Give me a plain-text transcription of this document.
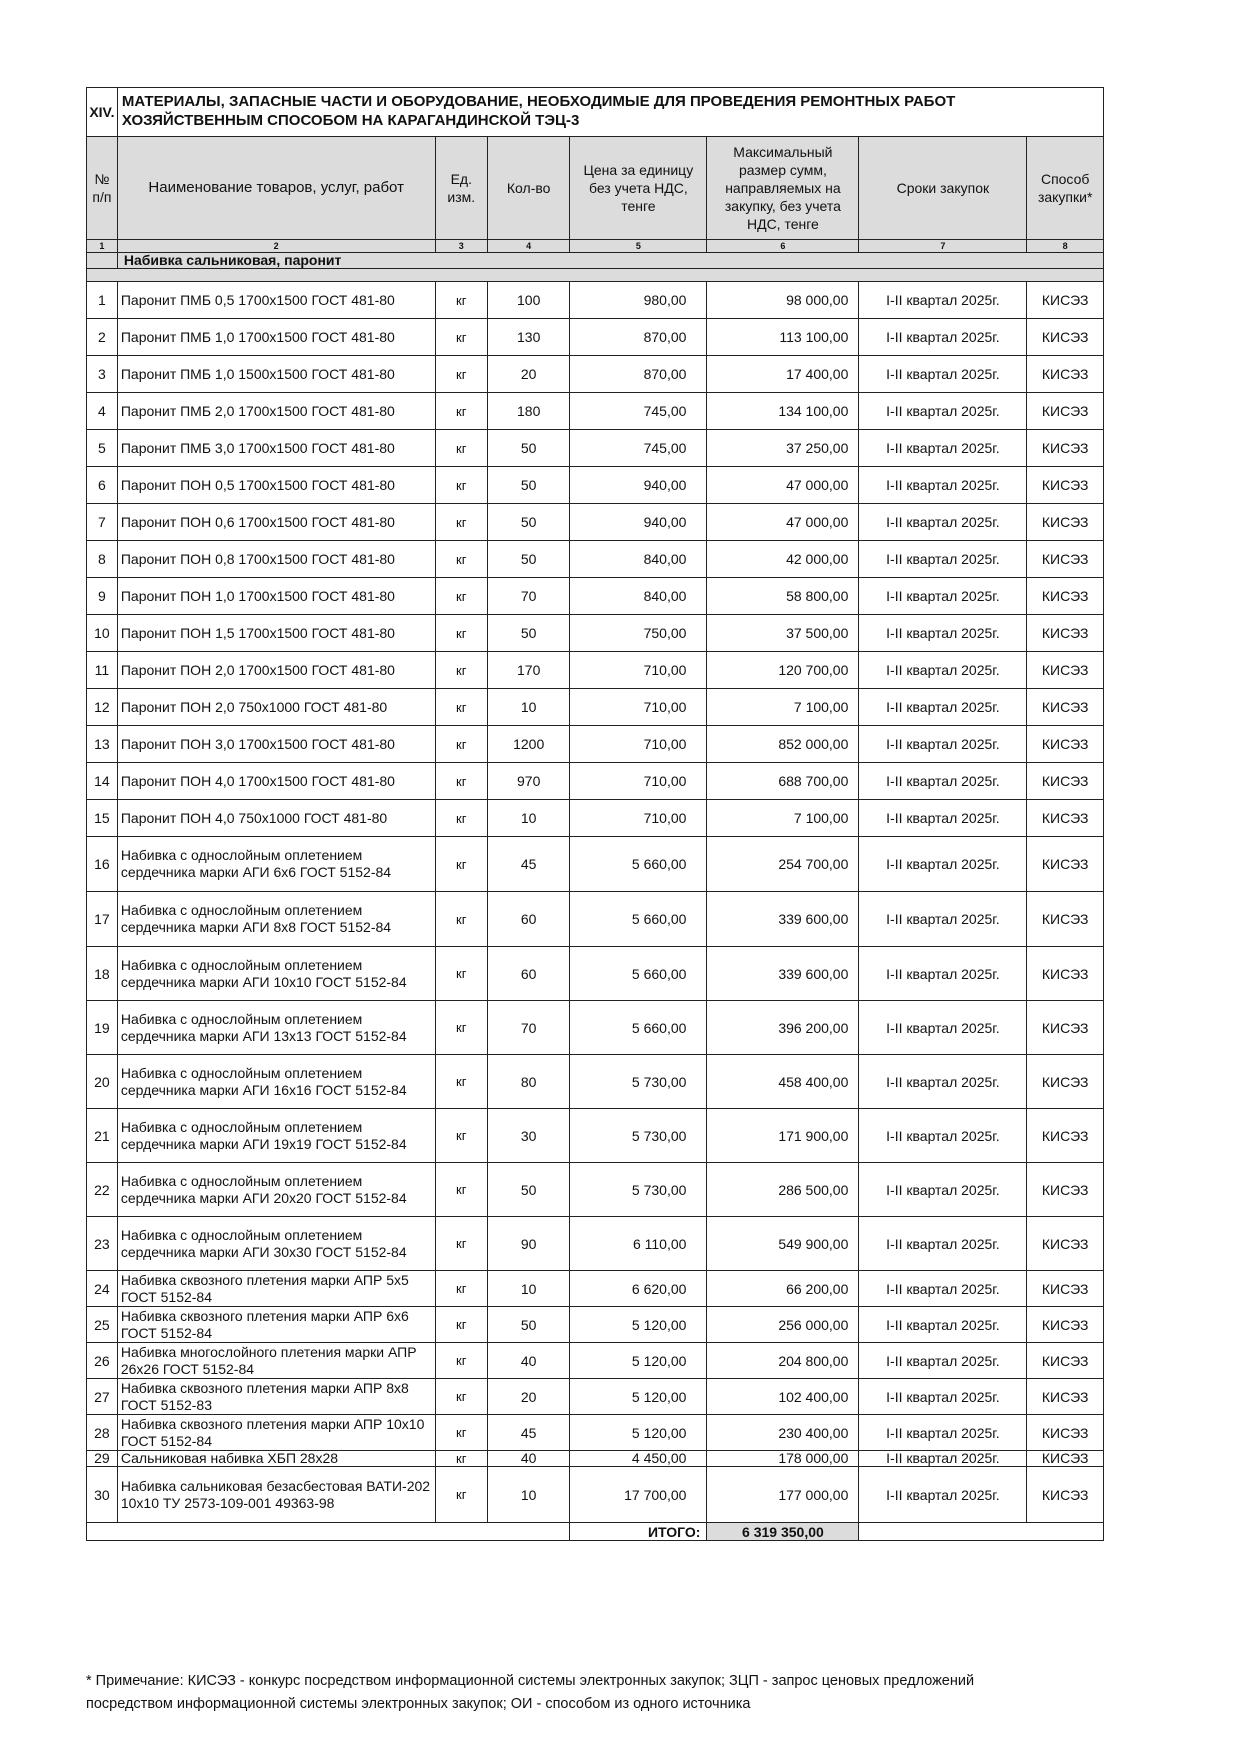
XIV.	МАТЕРИАЛЫ, ЗАПАСНЫЕ ЧАСТИ И ОБОРУДОВАНИЕ, НЕОБХОДИМЫЕ ДЛЯ ПРОВЕДЕНИЯ РЕМОНТНЫХ РАБОТ
ХОЗЯЙСТВЕННЫМ СПОСОБОМ НА КАРАГАНДИНСКОЙ ТЭЦ-3						

№ п/п	Наименование товаров, услуг, работ	Ед. изм.	Кол-во	Цена за единицу без учета НДС, тенге	Максимальный размер сумм, направляемых на закупку, без учета НДС, тенге	Сроки закупок	Способ закупки*
1	2	3	4	5	6	7	8
	Набивка сальниковая, паронит						

1	Паронит ПМБ 0,5 1700х1500 ГОСТ 481-80	кг	100	980,00	98 000,00	I-II квартал 2025г.	КИСЭЗ
2	Паронит ПМБ 1,0 1700х1500 ГОСТ 481-80	кг	130	870,00	113 100,00	I-II квартал 2025г.	КИСЭЗ
3	Паронит ПМБ 1,0 1500х1500 ГОСТ 481-80	кг	20	870,00	17 400,00	I-II квартал 2025г.	КИСЭЗ
4	Паронит ПМБ 2,0 1700х1500 ГОСТ 481-80	кг	180	745,00	134 100,00	I-II квартал 2025г.	КИСЭЗ
5	Паронит ПМБ 3,0 1700х1500 ГОСТ 481-80	кг	50	745,00	37 250,00	I-II квартал 2025г.	КИСЭЗ
6	Паронит ПОН 0,5 1700х1500 ГОСТ 481-80	кг	50	940,00	47 000,00	I-II квартал 2025г.	КИСЭЗ
7	Паронит ПОН 0,6 1700х1500 ГОСТ 481-80	кг	50	940,00	47 000,00	I-II квартал 2025г.	КИСЭЗ
8	Паронит ПОН 0,8 1700х1500 ГОСТ 481-80	кг	50	840,00	42 000,00	I-II квартал 2025г.	КИСЭЗ
9	Паронит ПОН 1,0 1700х1500 ГОСТ 481-80	кг	70	840,00	58 800,00	I-II квартал 2025г.	КИСЭЗ
10	Паронит ПОН 1,5 1700х1500 ГОСТ 481-80	кг	50	750,00	37 500,00	I-II квартал 2025г.	КИСЭЗ
11	Паронит ПОН 2,0 1700х1500 ГОСТ 481-80	кг	170	710,00	120 700,00	I-II квартал 2025г.	КИСЭЗ
12	Паронит ПОН 2,0 750х1000 ГОСТ 481-80	кг	10	710,00	7 100,00	I-II квартал 2025г.	КИСЭЗ
13	Паронит ПОН 3,0 1700х1500 ГОСТ 481-80	кг	1200	710,00	852 000,00	I-II квартал 2025г.	КИСЭЗ
14	Паронит ПОН 4,0 1700х1500 ГОСТ 481-80	кг	970	710,00	688 700,00	I-II квартал 2025г.	КИСЭЗ
15	Паронит ПОН 4,0 750х1000 ГОСТ 481-80	кг	10	710,00	7 100,00	I-II квартал 2025г.	КИСЭЗ
16	Набивка с однослойным оплетением сердечника марки АГИ 6х6 ГОСТ 5152-84	кг	45	5 660,00	254 700,00	I-II квартал 2025г.	КИСЭЗ
17	Набивка с однослойным оплетением сердечника марки АГИ 8х8 ГОСТ 5152-84	кг	60	5 660,00	339 600,00	I-II квартал 2025г.	КИСЭЗ
18	Набивка с однослойным оплетением сердечника марки АГИ 10х10 ГОСТ 5152-84	кг	60	5 660,00	339 600,00	I-II квартал 2025г.	КИСЭЗ
19	Набивка с однослойным оплетением сердечника марки АГИ 13х13 ГОСТ 5152-84	кг	70	5 660,00	396 200,00	I-II квартал 2025г.	КИСЭЗ
20	Набивка с однослойным оплетением сердечника марки АГИ 16х16 ГОСТ 5152-84	кг	80	5 730,00	458 400,00	I-II квартал 2025г.	КИСЭЗ
21	Набивка с однослойным оплетением сердечника марки АГИ 19х19 ГОСТ 5152-84	кг	30	5 730,00	171 900,00	I-II квартал 2025г.	КИСЭЗ
22	Набивка с однослойным оплетением сердечника марки АГИ 20х20 ГОСТ 5152-84	кг	50	5 730,00	286 500,00	I-II квартал 2025г.	КИСЭЗ
23	Набивка с однослойным оплетением сердечника марки АГИ 30х30 ГОСТ 5152-84	кг	90	6 110,00	549 900,00	I-II квартал 2025г.	КИСЭЗ
24	Набивка сквозного плетения марки АПР 5х5 ГОСТ 5152-84	кг	10	6 620,00	66 200,00	I-II квартал 2025г.	КИСЭЗ
25	Набивка сквозного плетения марки АПР 6х6 ГОСТ 5152-84	кг	50	5 120,00	256 000,00	I-II квартал 2025г.	КИСЭЗ
26	Набивка многослойного плетения марки АПР 26х26 ГОСТ 5152-84	кг	40	5 120,00	204 800,00	I-II квартал 2025г.	КИСЭЗ
27	Набивка сквозного плетения марки АПР 8х8 ГОСТ 5152-83	кг	20	5 120,00	102 400,00	I-II квартал 2025г.	КИСЭЗ
28	Набивка сквозного плетения марки АПР 10х10 ГОСТ 5152-84	кг	45	5 120,00	230 400,00	I-II квартал 2025г.	КИСЭЗ
29	Сальниковая набивка ХБП 28х28	кг	40	4 450,00	178 000,00	I-II квартал 2025г.	КИСЭЗ
30	Набивка сальниковая безасбестовая ВАТИ-202 10х10 ТУ 2573-109-001 49363-98	кг	10	17 700,00	177 000,00	I-II квартал 2025г.	КИСЭЗ
				ИТОГО:	6 319 350,00		
* Примечание: КИСЭЗ - конкурс посредством информационной системы электронных закупок; ЗЦП - запрос ценовых предложений
посредством информационной системы электронных закупок; ОИ - способом из одного источника
